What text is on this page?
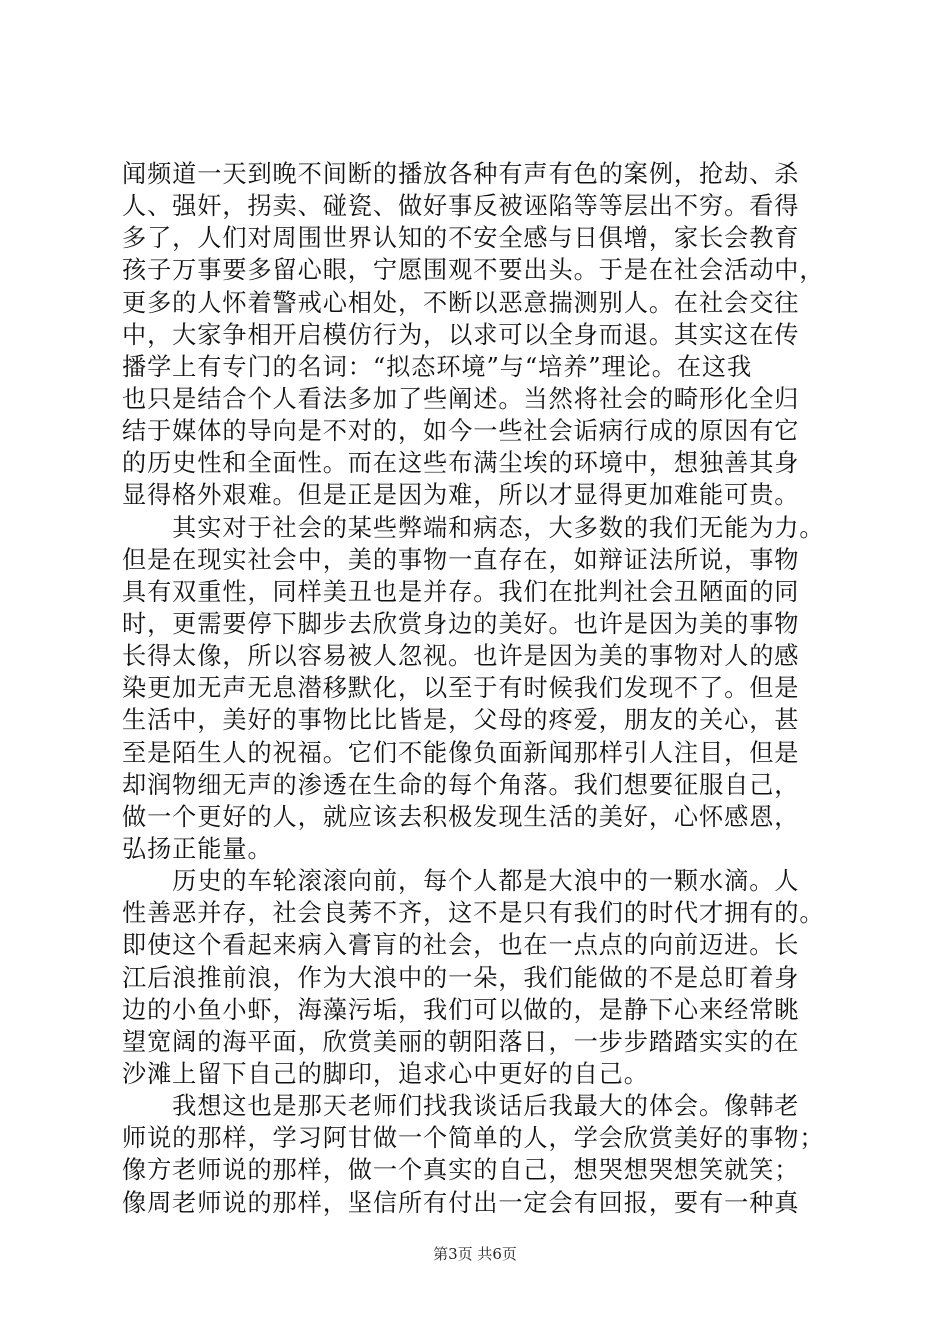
闻频道一天到晚不间断的播放各种有声有色的案例，抢劫、杀
人、强奸，拐卖、碰瓷、做好事反被诬陷等等层出不穷。看得
多了，人们对周围世界认知的不安全感与日俱增，家长会教育
孩子万事要多留心眼，宁愿围观不要出头。于是在社会活动中，
更多的人怀着警戒心相处，不断以恶意揣测别人。在社会交往
中，大家争相开启模仿行为，以求可以全身而退。其实这在传
播学上有专门的名词：“拟态环境”与“培养”理论。在这我
也只是结合个人看法多加了些阐述。当然将社会的畸形化全归
结于媒体的导向是不对的，如今一些社会诟病行成的原因有它
的历史性和全面性。而在这些布满尘埃的环境中，想独善其身
显得格外艰难。但是正是因为难，所以才显得更加难能可贵。
　　其实对于社会的某些弊端和病态，大多数的我们无能为力。
但是在现实社会中，美的事物一直存在，如辩证法所说，事物
具有双重性，同样美丑也是并存。我们在批判社会丑陋面的同
时，更需要停下脚步去欣赏身边的美好。也许是因为美的事物
长得太像，所以容易被人忽视。也许是因为美的事物对人的感
染更加无声无息潜移默化，以至于有时候我们发现不了。但是
生活中，美好的事物比比皆是，父母的疼爱，朋友的关心，甚
至是陌生人的祝福。它们不能像负面新闻那样引人注目，但是
却润物细无声的渗透在生命的每个角落。我们想要征服自己，
做一个更好的人，就应该去积极发现生活的美好，心怀感恩，
弘扬正能量。
　　历史的车轮滚滚向前，每个人都是大浪中的一颗水滴。人
性善恶并存，社会良莠不齐，这不是只有我们的时代才拥有的。
即使这个看起来病入膏肓的社会，也在一点点的向前迈进。长
江后浪推前浪，作为大浪中的一朵，我们能做的不是总盯着身
边的小鱼小虾，海藻污垢，我们可以做的，是静下心来经常眺
望宽阔的海平面，欣赏美丽的朝阳落日，一步步踏踏实实的在
沙滩上留下自己的脚印，追求心中更好的自己。
　　我想这也是那天老师们找我谈话后我最大的体会。像韩老
师说的那样，学习阿甘做一个简单的人，学会欣赏美好的事物；
像方老师说的那样，做一个真实的自己，想哭想哭想笑就笑；
像周老师说的那样，坚信所有付出一定会有回报，要有一种真
第3页 共6页
